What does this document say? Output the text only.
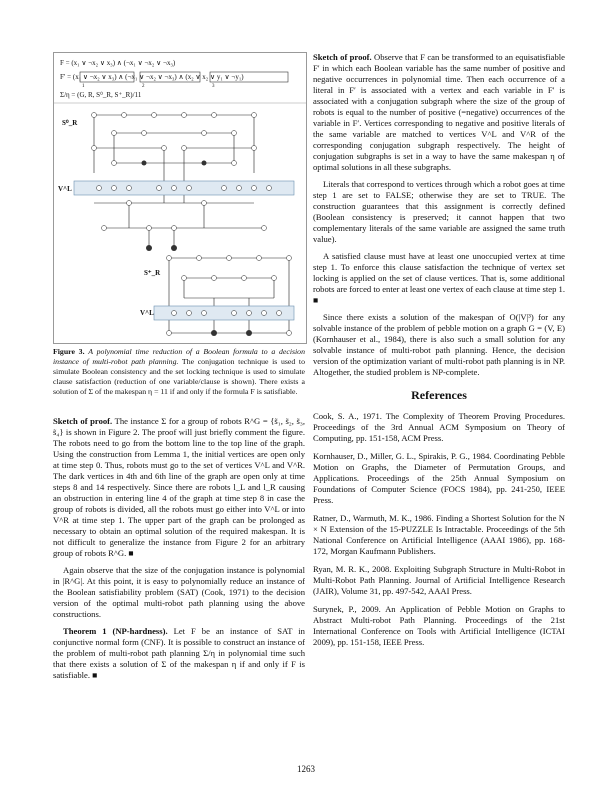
F = (x₁ ∨ ¬x₂ ∨ x₃) ∧ (¬x₁ ∨ ¬x₂ ∨ ¬x₃)
F′ = (x₁ ∨ ¬x₂ ∨ x₃) ∧ (¬x₁ ∨ ¬x₂ ∨ ¬x₃) ∧ (x₂ ∨ x₂ ∨ y₁ ∨ ¬y₁)
1	2	3
Σ/η = (G, R, S⁰_R, S⁺_R)/11
S⁰_R
V^L
S⁺_R
V^L
Figure 3. A polynomial time reduction of a Boolean formula to a decision instance of multi-robot path planning. The conjugation technique is used to simulate Boolean consistency and the set locking technique is used to simulate clause satisfaction (reduction of one variable/clause is shown). There exists a solution of Σ of the makespan η = 11 if and only if the formula F is satisfiable.

Sketch of proof. The instance Σ for a group of robots R^G = {s̃₁, s̃₂, s̃₃, s̃₄} is shown in Figure 2. The proof will just briefly comment the figure. The robots need to go from the bottom line to the top line of the graph. Using the construction from Lemma 1, the initial vertices are open only at time step 0. Thus, robots must go to the set of vertices V^L and V^R. The dark vertices in 4th and 6th line of the graph are open only at time steps 8 and 14 respectively. Since there are robots l_L and l_R causing an obstruction in entering line 4 of the graph at time step 8 in case the group of robots is divided, all the robots must go either into V^L or into V^R at time step 1. The upper part of the graph can be prolonged as necessary to obtain an optimal solution of the required makespan. It is not difficult to generalize the instance from Figure 2 for an arbitrary group of robots R^G. ■

Again observe that the size of the conjugation instance is polynomial in |R^G|. At this point, it is easy to polynomially reduce an instance of the Boolean satisfiability problem (SAT) (Cook, 1971) to the decision version of the optimal multi-robot path planning using the above constructions.

Theorem 1 (NP-hardness). Let F be an instance of SAT in conjunctive normal form (CNF). It is possible to construct an instance of the problem of multi-robot path planning Σ/η in polynomial time such that there exists a solution of Σ of the makespan η if and only if F is satisfiable. ■

Sketch of proof. Observe that F can be transformed to an equisatisfiable F′ in which each Boolean variable has the same number of positive and negative occurrences in polynomial time. Then each occurrence of a literal in F′ is associated with a vertex and each variable in F′ is associated with a conjugation subgraph where the size of the group of robots is equal to the number of positive (=negative) occurrences of the variable in F′. Vertices corresponding to negative and positive literals of the same variable are matched to vertices V^L and V^R of the corresponding conjugation subgraph respectively. The height of conjugation subgraphs is set in a way to have the same makespan η of optimal solutions in all these subgraphs.

Literals that correspond to vertices through which a robot goes at time step 1 are set to FALSE; otherwise they are set to TRUE. The construction guarantees that this assignment is correctly defined (Boolean consistency is preserved; it cannot happen that two complementary literals of the same variable are assigned the same truth value).

A satisfied clause must have at least one unoccupied vertex at time step 1. To enforce this clause satisfaction the technique of vertex set locking is applied on the set of clause vertices. That is, some additional robots are forced to enter at least one vertex of each clause at time step 1. ■

Since there exists a solution of the makespan of O(|V|³) for any solvable instance of the problem of pebble motion on a graph G = (V, E) (Kornhauser et al., 1984), there is also such a small solution for any solvable instance of multi-robot path planning. Hence, the decision version of the optimization variant of multi-robot path planning is in NP. Altogether, the studied problem is NP-complete.

References
Cook, S. A., 1971. The Complexity of Theorem Proving Procedures. Proceedings of the 3rd Annual ACM Symposium on Theory of Computing, pp. 151-158, ACM Press.
Kornhauser, D., Miller, G. L., Spirakis, P. G., 1984. Coordinating Pebble Motion on Graphs, the Diameter of Permutation Groups, and Applications. Proceedings of the 25th Annual Symposium on Foundations of Computer Science (FOCS 1984), pp. 241-250, IEEE Press.
Ratner, D., Warmuth, M. K., 1986. Finding a Shortest Solution for the N × N Extension of the 15-PUZZLE Is Intractable. Proceedings of the 5th National Conference on Artificial Intelligence (AAAI 1986), pp. 168-172, Morgan Kaufmann Publishers.
Ryan, M. R. K., 2008. Exploiting Subgraph Structure in Multi-Robot in Multi-Robot Path Planning. Journal of Artificial Intelligence Research (JAIR), Volume 31, pp. 497-542, AAAI Press.
Surynek, P., 2009. An Application of Pebble Motion on Graphs to Abstract Multi-robot Path Planning. Proceedings of the 21st International Conference on Tools with Artificial Intelligence (ICTAI 2009), pp. 151-158, IEEE Press.
1263
